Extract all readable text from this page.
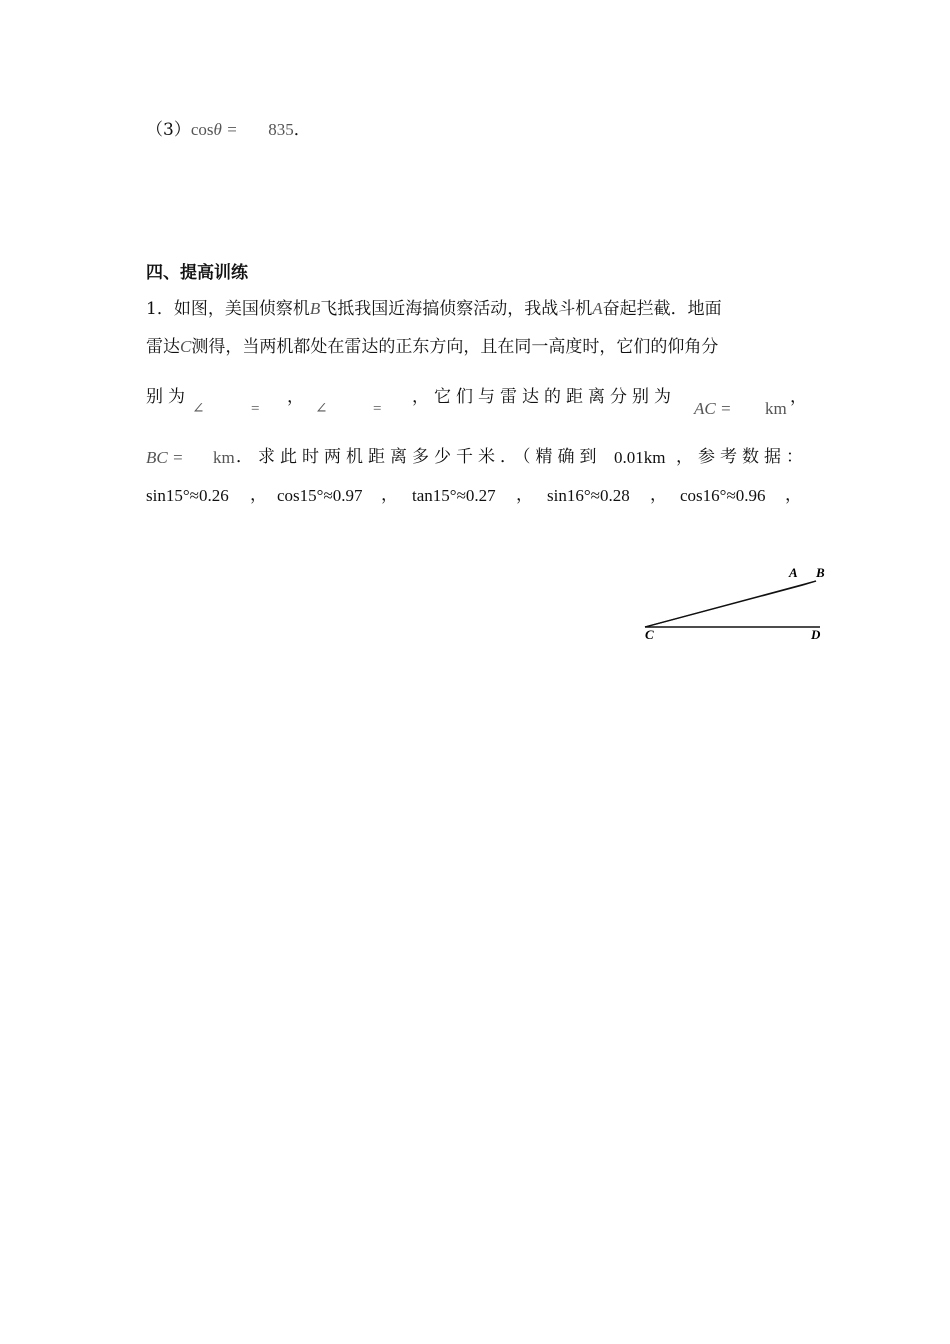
（3）cosθ = 835．
四、提高训练
1．如图，美国侦察机B飞抵我国近海搞侦察活动，我战斗机A奋起拦截．地面
雷达C测得，当两机都处在雷达的正东方向，且在同一高度时，它们的仰角分
别为
∠	=
，
∠	=
，它们与雷达的距离分别为
AC = km
，
BC = km ．求此时两机距离多少千米．（精确到 0.01km ，参考数据：
sin15°≈0.26 ， cos15°≈0.97 ， tan15°≈0.27 ， sin16°≈0.28 ， cos16°≈0.96 ，
A B
C	D
